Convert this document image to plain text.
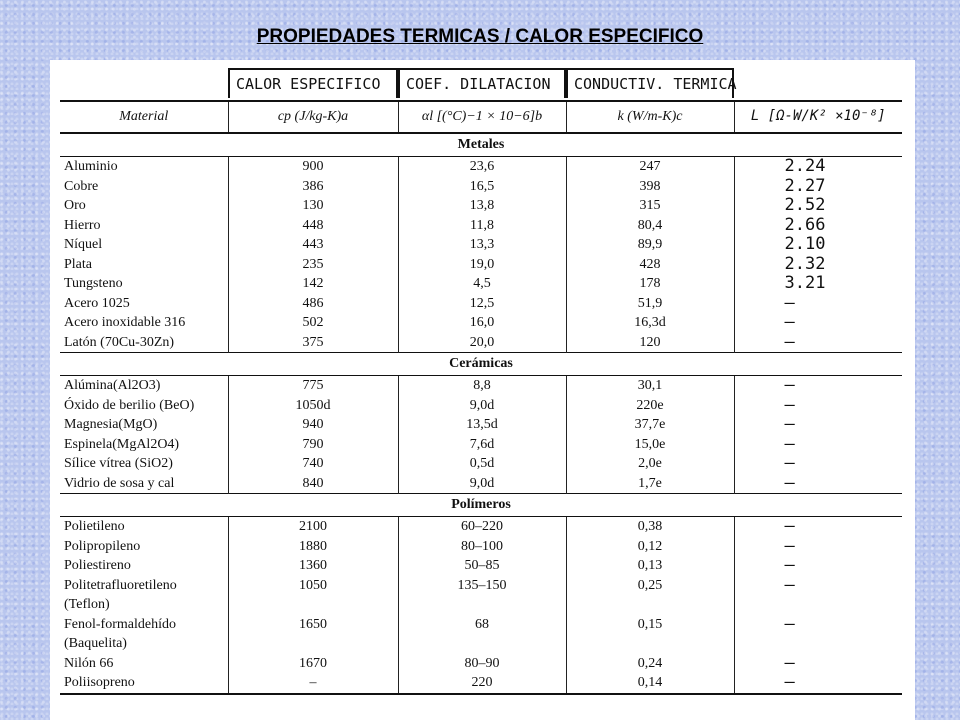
PROPIEDADES TERMICAS / CALOR ESPECIFICO
CALOR ESPECIFICO	COEF. DILATACION	CONDUCTIV. TERMICA
Material	cp (J/kg-K)a	αl [(°C)−1 × 10−6]b	k (W/m-K)c	L [Ω-W/K² ×10⁻⁸]
Metales				
Aluminio	900	23,6	247	2.24
Cobre	386	16,5	398	2.27
Oro	130	13,8	315	2.52
Hierro	448	11,8	80,4	2.66
Níquel	443	13,3	89,9	2.10
Plata	235	19,0	428	2.32
Tungsteno	142	4,5	178	3.21
Acero 1025	486	12,5	51,9	—
Acero inoxidable 316	502	16,0	16,3d	—
Latón (70Cu-30Zn)	375	20,0	120	—
Cerámicas				
Alúmina(Al2O3)	775	8,8	30,1	—
Óxido de berilio (BeO)	1050d	9,0d	220e	—
Magnesia(MgO)	940	13,5d	37,7e	—
Espinela(MgAl2O4)	790	7,6d	15,0e	—
Sílice vítrea (SiO2)	740	0,5d	2,0e	—
Vidrio de sosa y cal	840	9,0d	1,7e	—
Polímeros				
Polietileno	2100	60–220	0,38	—
Polipropileno	1880	80–100	0,12	—
Poliestireno	1360	50–85	0,13	—
Politetrafluoretileno	1050	135–150	0,25	—
(Teflon)				
Fenol-formaldehído	1650	68	0,15	—
(Baquelita)				
Nilón 66	1670	80–90	0,24	—
Poliisopreno	–	220	0,14	—
